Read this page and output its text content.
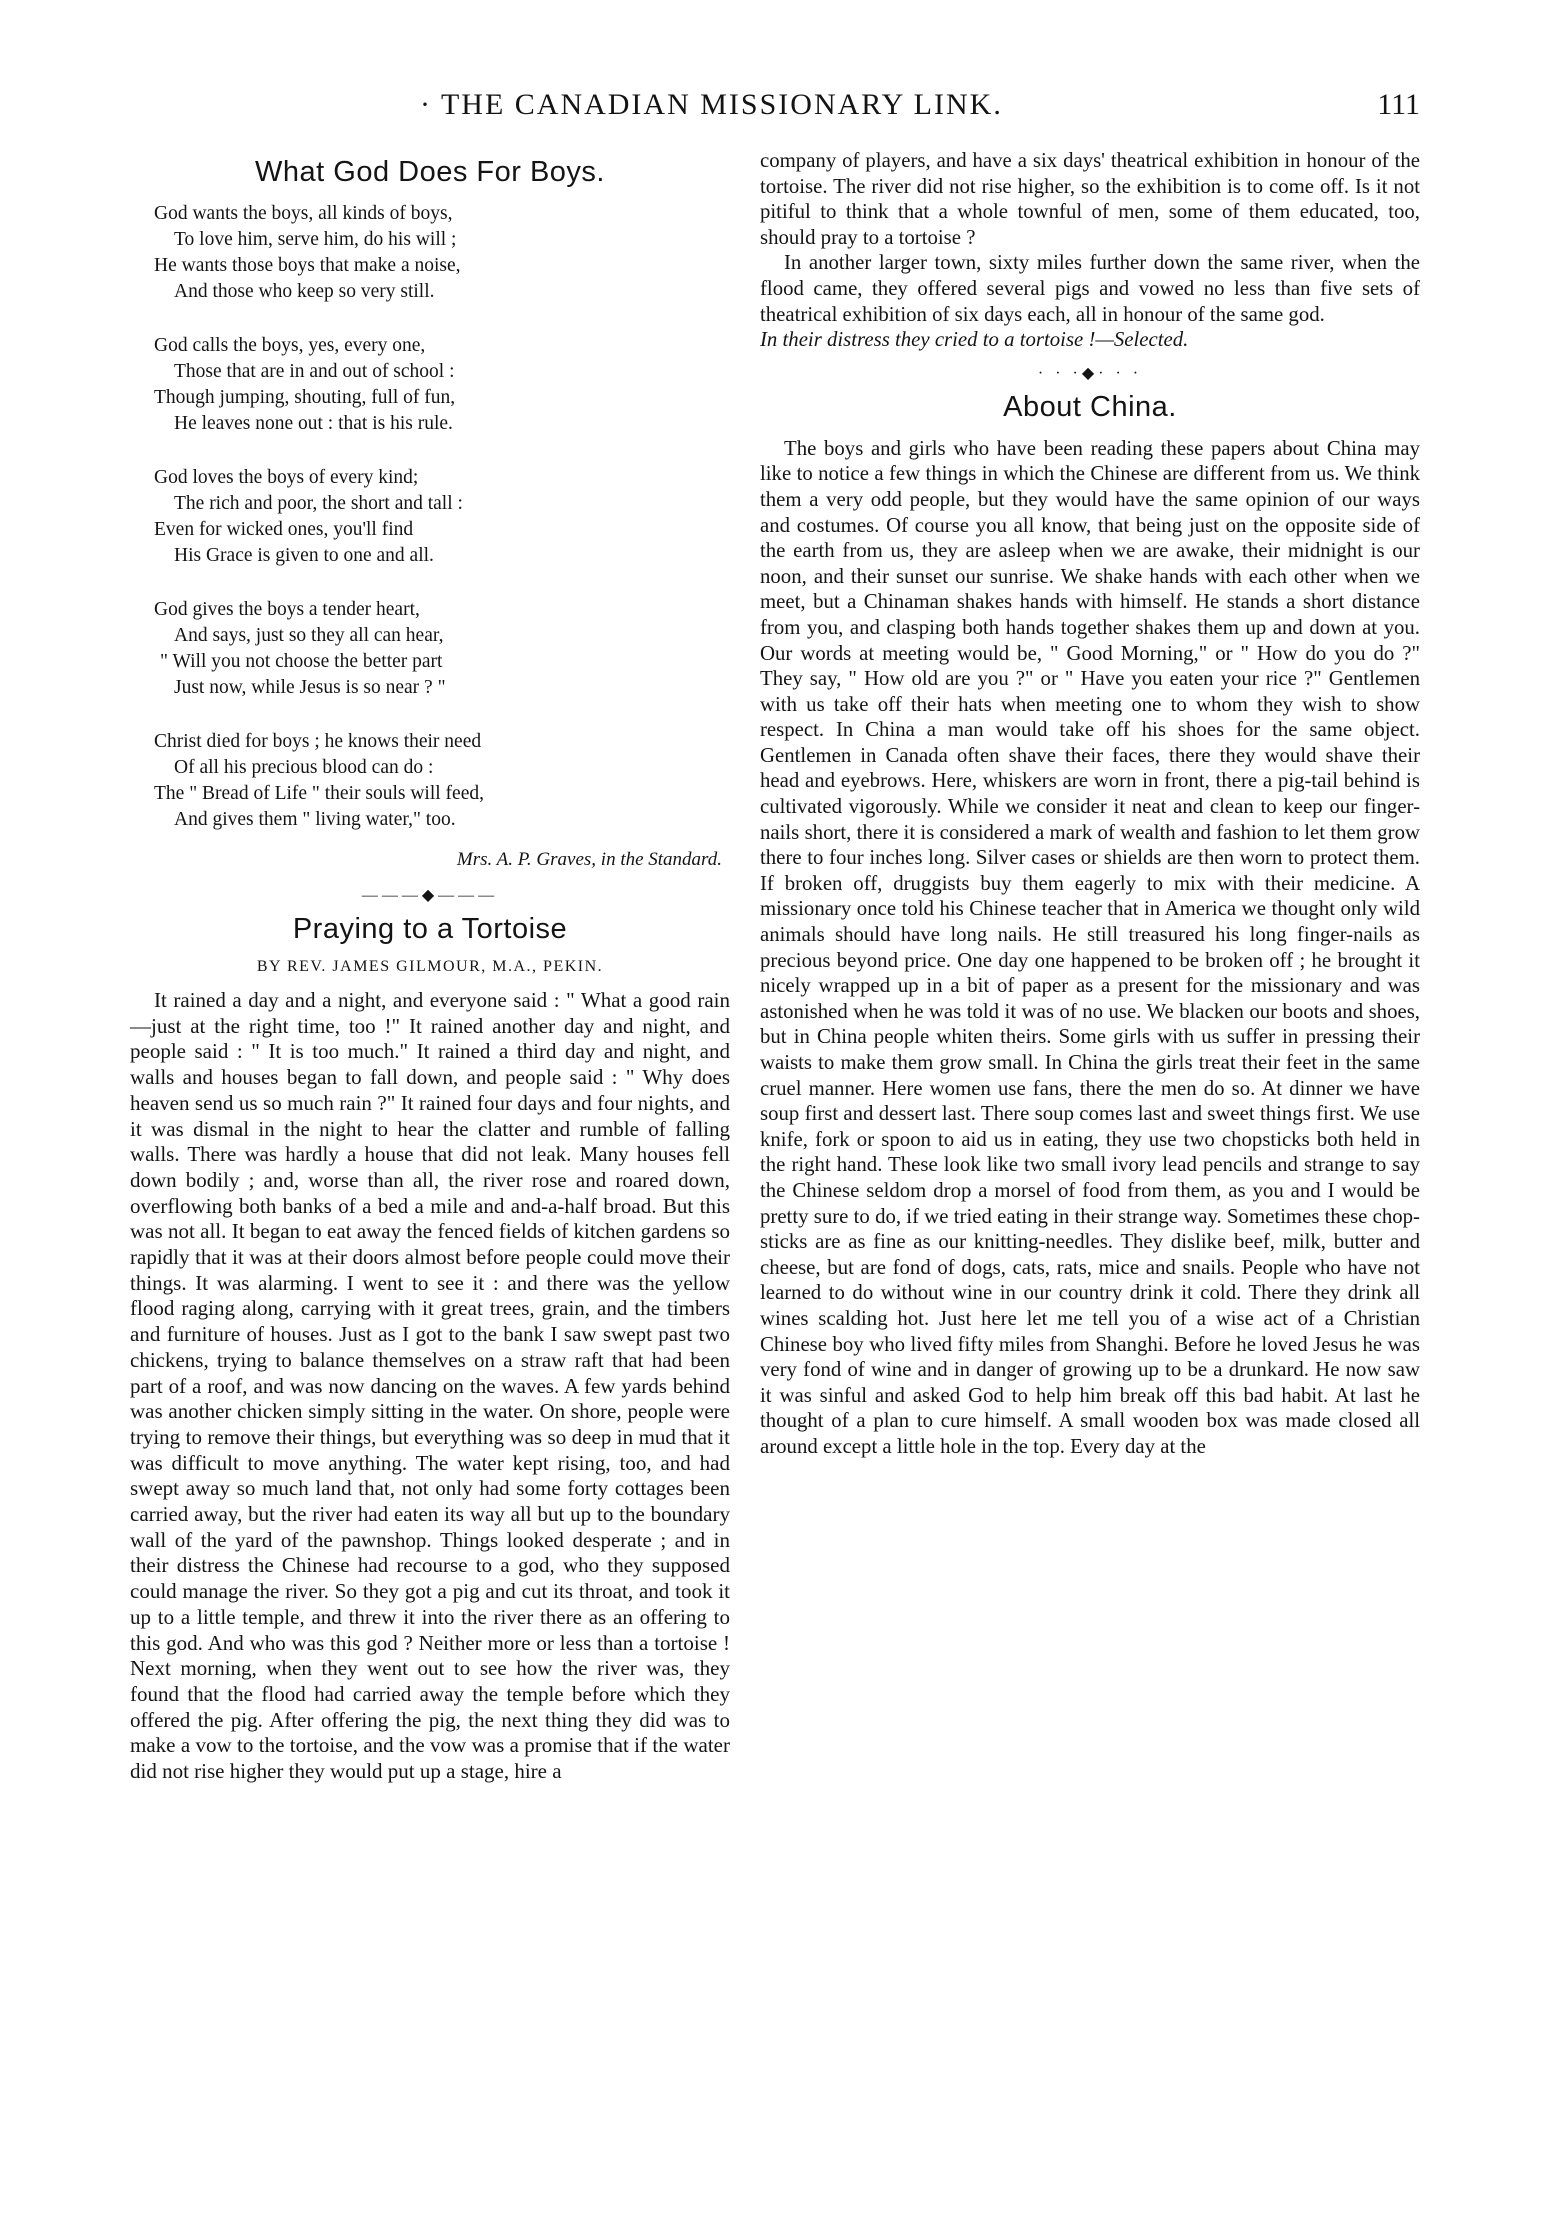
· THE CANADIAN MISSIONARY LINK.	111
What God Does For Boys.
God wants the boys, all kinds of boys,
To love him, serve him, do his will ;
He wants those boys that make a noise,
And those who keep so very still.
God calls the boys, yes, every one,
Those that are in and out of school :
Though jumping, shouting, full of fun,
He leaves none out : that is his rule.
God loves the boys of every kind;
The rich and poor, the short and tall :
Even for wicked ones, you'll find
His Grace is given to one and all.
God gives the boys a tender heart,
And says, just so they all can hear,
" Will you not choose the better part
Just now, while Jesus is so near ? "
Christ died for boys ; he knows their need
Of all his precious blood can do :
The " Bread of Life " their souls will feed,
And gives them " living water," too.
Mrs. A. P. Graves, in the Standard.
———◆———
Praying to a Tortoise
BY REV. JAMES GILMOUR, M.A., PEKIN.

It rained a day and a night, and everyone said : " What a good rain—just at the right time, too !" It rained another day and night, and people said : " It is too much." It rained a third day and night, and walls and houses began to fall down, and people said : " Why does heaven send us so much rain ?" It rained four days and four nights, and it was dismal in the night to hear the clatter and rumble of falling walls. There was hardly a house that did not leak. Many houses fell down bodily ; and, worse than all, the river rose and roared down, overflowing both banks of a bed a mile and and-a-half broad. But this was not all. It began to eat away the fenced fields of kitchen gardens so rapidly that it was at their doors almost before people could move their things. It was alarming. I went to see it : and there was the yellow flood raging along, carrying with it great trees, grain, and the timbers and furniture of houses. Just as I got to the bank I saw swept past two chickens, trying to balance themselves on a straw raft that had been part of a roof, and was now dancing on the waves. A few yards behind was another chicken simply sitting in the water. On shore, people were trying to remove their things, but everything was so deep in mud that it was difficult to move anything. The water kept rising, too, and had swept away so much land that, not only had some forty cottages been carried away, but the river had eaten its way all but up to the boundary wall of the yard of the pawnshop. Things looked desperate ; and in their distress the Chinese had recourse to a god, who they supposed could manage the river. So they got a pig and cut its throat, and took it up to a little temple, and threw it into the river there as an offering to this god. And who was this god ? Neither more or less than a tortoise ! Next morning, when they went out to see how the river was, they found that the flood had carried away the temple before which they offered the pig. After offering the pig, the next thing they did was to make a vow to the tortoise, and the vow was a promise that if the water did not rise higher they would put up a stage, hire a

company of players, and have a six days' theatrical exhibition in honour of the tortoise. The river did not rise higher, so the exhibition is to come off. Is it not pitiful to think that a whole townful of men, some of them educated, too, should pray to a tortoise ?

In another larger town, sixty miles further down the same river, when the flood came, they offered several pigs and vowed no less than five sets of theatrical exhibition of six days each, all in honour of the same god.

In their distress they cried to a tortoise !—Selected.

· · ·◆· · ·
About China.

The boys and girls who have been reading these papers about China may like to notice a few things in which the Chinese are different from us. We think them a very odd people, but they would have the same opinion of our ways and costumes. Of course you all know, that being just on the opposite side of the earth from us, they are asleep when we are awake, their midnight is our noon, and their sunset our sunrise. We shake hands with each other when we meet, but a Chinaman shakes hands with himself. He stands a short distance from you, and clasping both hands together shakes them up and down at you. Our words at meeting would be, " Good Morning," or " How do you do ?" They say, " How old are you ?" or " Have you eaten your rice ?" Gentlemen with us take off their hats when meeting one to whom they wish to show respect. In China a man would take off his shoes for the same object. Gentlemen in Canada often shave their faces, there they would shave their head and eyebrows. Here, whiskers are worn in front, there a pig-tail behind is cultivated vigorously. While we consider it neat and clean to keep our finger-nails short, there it is considered a mark of wealth and fashion to let them grow there to four inches long. Silver cases or shields are then worn to protect them. If broken off, druggists buy them eagerly to mix with their medicine. A missionary once told his Chinese teacher that in America we thought only wild animals should have long nails. He still treasured his long finger-nails as precious beyond price. One day one happened to be broken off ; he brought it nicely wrapped up in a bit of paper as a present for the missionary and was astonished when he was told it was of no use. We blacken our boots and shoes, but in China people whiten theirs. Some girls with us suffer in pressing their waists to make them grow small. In China the girls treat their feet in the same cruel manner. Here women use fans, there the men do so. At dinner we have soup first and dessert last. There soup comes last and sweet things first. We use knife, fork or spoon to aid us in eating, they use two chopsticks both held in the right hand. These look like two small ivory lead pencils and strange to say the Chinese seldom drop a morsel of food from them, as you and I would be pretty sure to do, if we tried eating in their strange way. Sometimes these chop-sticks are as fine as our knitting-needles. They dislike beef, milk, butter and cheese, but are fond of dogs, cats, rats, mice and snails. People who have not learned to do without wine in our country drink it cold. There they drink all wines scalding hot. Just here let me tell you of a wise act of a Christian Chinese boy who lived fifty miles from Shanghi. Before he loved Jesus he was very fond of wine and in danger of growing up to be a drunkard. He now saw it was sinful and asked God to help him break off this bad habit. At last he thought of a plan to cure himself. A small wooden box was made closed all around except a little hole in the top. Every day at the
